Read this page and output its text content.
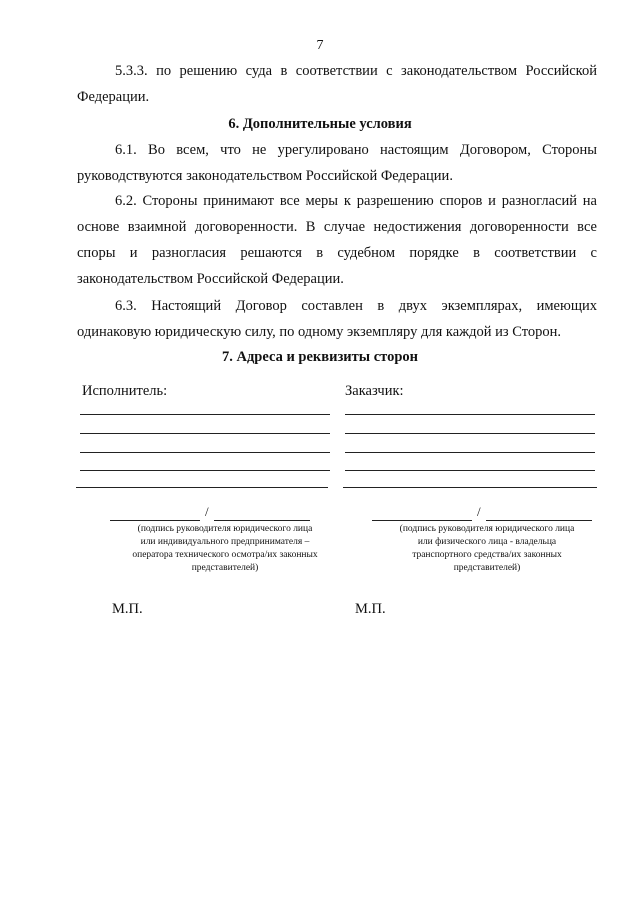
7
5.3.3. по решению суда в соответствии с законодательством Российской Федерации.
6. Дополнительные условия
6.1. Во всем, что не урегулировано настоящим Договором, Стороны руководствуются законодательством Российской Федерации.
6.2. Стороны принимают все меры к разрешению споров и разногласий на основе взаимной договоренности. В случае недостижения договоренности все споры и разногласия решаются в судебном порядке в соответствии с законодательством Российской Федерации.
6.3. Настоящий Договор составлен в двух экземплярах, имеющих одинаковую юридическую силу, по одному экземпляру для каждой из Сторон.
7. Адреса и реквизиты сторон
Исполнитель:
/
(подпись руководителя юридического лица
или индивидуального предпринимателя –
оператора технического осмотра/их законных
представителей)
М.П.
Заказчик:
/
(подпись руководителя юридического лица
или физического лица - владельца
транспортного средства/их законных
представителей)
М.П.
